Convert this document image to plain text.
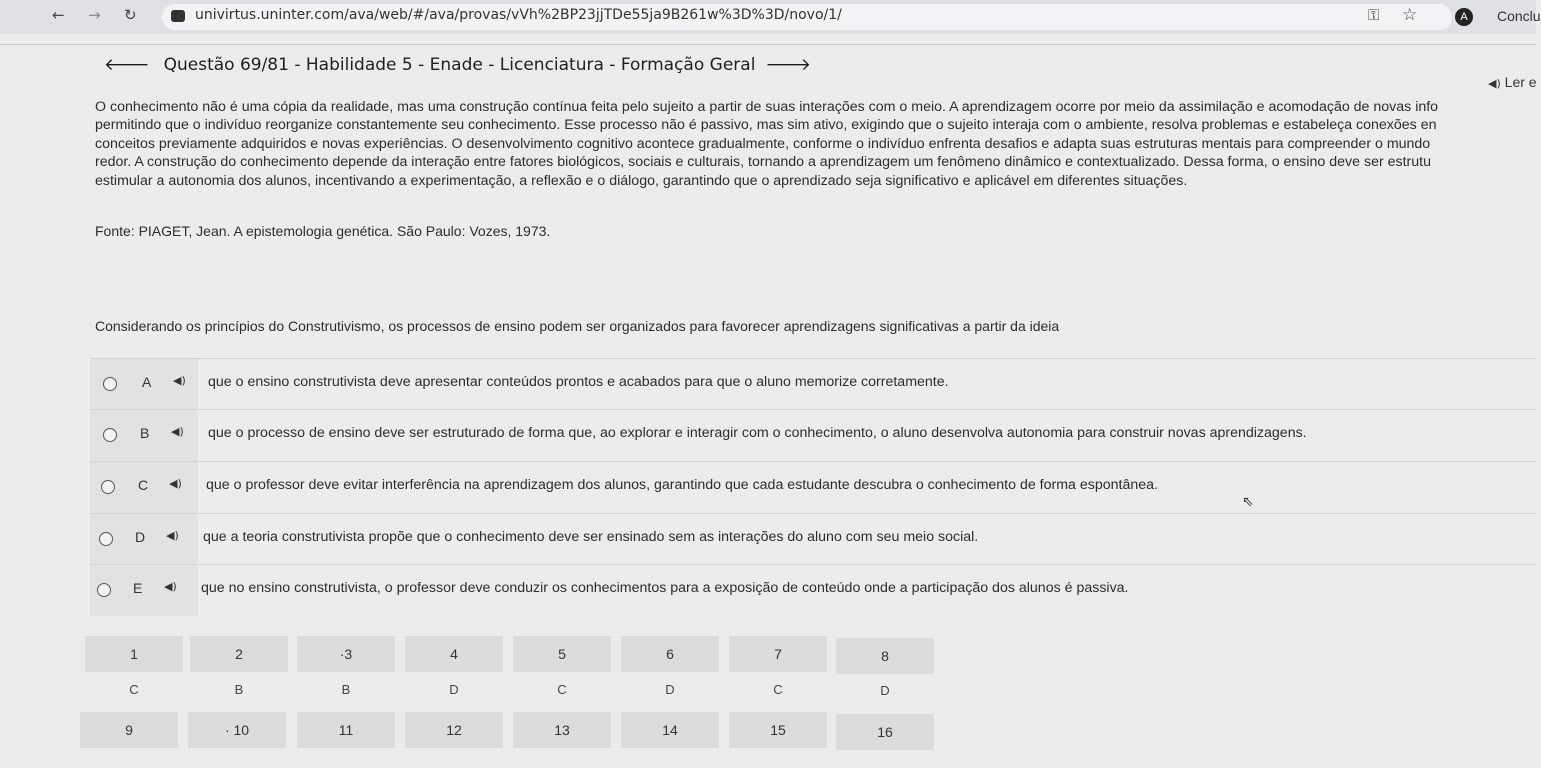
← → ↻	univirtus.uninter.com/ava/web/#/ava/provas/vVh%2BP23jjTDe55ja9B261w%3D%3D/novo/1/	⚿ ☆	A	Conclu
🡐 Questão 69/81 - Habilidade 5 - Enade - Licenciatura - Formação Geral 🡒
◀) Ler e
O conhecimento não é uma cópia da realidade, mas uma construção contínua feita pelo sujeito a partir de suas interações com o meio. A aprendizagem ocorre por meio da assimilação e acomodação de novas info
permitindo que o indivíduo reorganize constantemente seu conhecimento. Esse processo não é passivo, mas sim ativo, exigindo que o sujeito interaja com o ambiente, resolva problemas e estabeleça conexões en
conceitos previamente adquiridos e novas experiências. O desenvolvimento cognitivo acontece gradualmente, conforme o indivíduo enfrenta desafios e adapta suas estruturas mentais para compreender o mundo
redor. A construção do conhecimento depende da interação entre fatores biológicos, sociais e culturais, tornando a aprendizagem um fenômeno dinâmico e contextualizado. Dessa forma, o ensino deve ser estrutu
estimular a autonomia dos alunos, incentivando a experimentação, a reflexão e o diálogo, garantindo que o aprendizado seja significativo e aplicável em diferentes situações.
Fonte: PIAGET, Jean. A epistemologia genética. São Paulo: Vozes, 1973.
Considerando os princípios do Construtivismo, os processos de ensino podem ser organizados para favorecer aprendizagens significativas a partir da ideia
A ◀) que o ensino construtivista deve apresentar conteúdos prontos e acabados para que o aluno memorize corretamente.
B ◀) que o processo de ensino deve ser estruturado de forma que, ao explorar e interagir com o conhecimento, o aluno desenvolva autonomia para construir novas aprendizagens.
C ◀) que o professor deve evitar interferência na aprendizagem dos alunos, garantindo que cada estudante descubra o conhecimento de forma espontânea.
⇖
D ◀) que a teoria construtivista propõe que o conhecimento deve ser ensinado sem as interações do aluno com seu meio social.
E ◀) que no ensino construtivista, o professor deve conduzir os conhecimentos para a exposição de conteúdo onde a participação dos alunos é passiva.
1	2	·3	4	5	6	7	8
C	B	B	D	C	D	C	D
9	· 10	11	12	13	14	15	16
